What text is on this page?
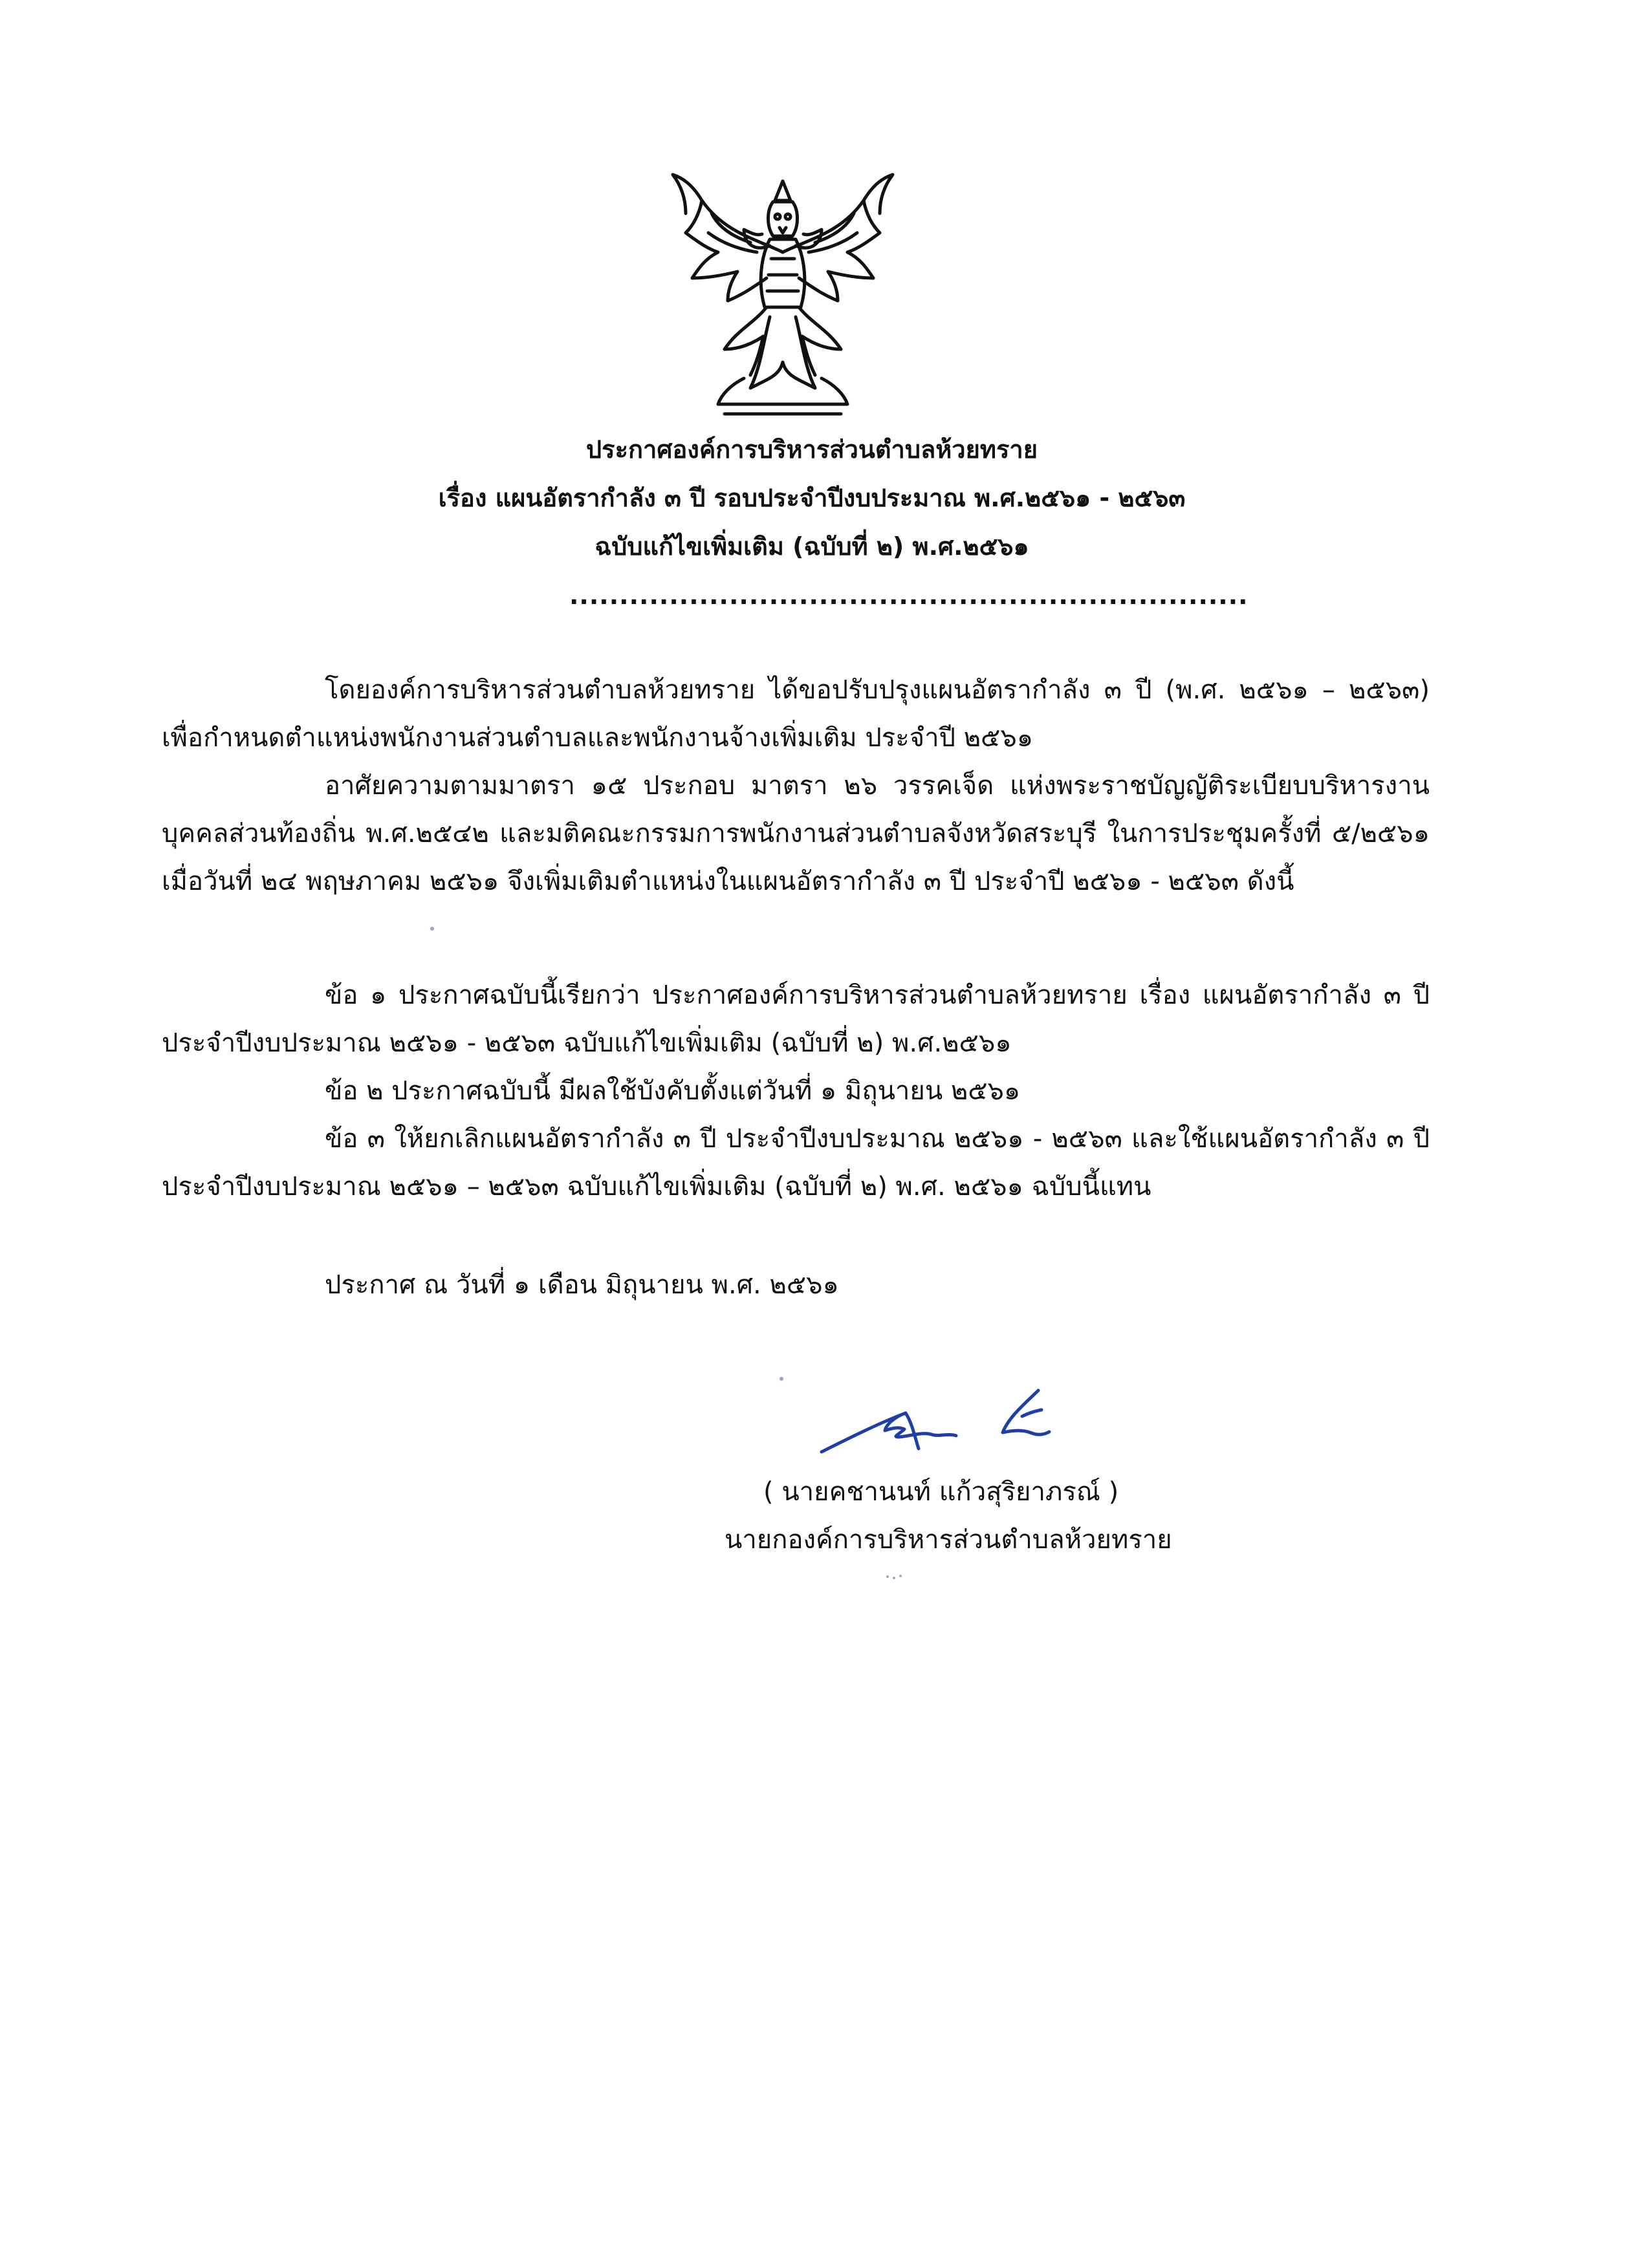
ประกาศองค์การบริหารส่วนตำบลห้วยทราย
เรื่อง แผนอัตรากำลัง ๓ ปี รอบประจำปีงบประมาณ พ.ศ.๒๕๖๑ - ๒๕๖๓
ฉบับแก้ไขเพิ่มเติม (ฉบับที่ ๒) พ.ศ.๒๕๖๑
....................................................................
โดยองค์การบริหารส่วนตำบลห้วยทราย ได้ขอปรับปรุงแผนอัตรากำลัง ๓ ปี (พ.ศ. ๒๕๖๑ – ๒๕๖๓) เพื่อกำหนดตำแหน่งพนักงานส่วนตำบลและพนักงานจ้างเพิ่มเติม ประจำปี ๒๕๖๑
อาศัยความตามมาตรา ๑๕ ประกอบ มาตรา ๒๖ วรรคเจ็ด แห่งพระราชบัญญัติระเบียบบริหารงานบุคคลส่วนท้องถิ่น พ.ศ.๒๕๔๒ และมติคณะกรรมการพนักงานส่วนตำบลจังหวัดสระบุรี ในการประชุมครั้งที่ ๕/๒๕๖๑ เมื่อวันที่ ๒๔ พฤษภาคม ๒๕๖๑ จึงเพิ่มเติมตำแหน่งในแผนอัตรากำลัง ๓ ปี ประจำปี ๒๕๖๑ - ๒๕๖๓ ดังนี้
ข้อ ๑ ประกาศฉบับนี้เรียกว่า ประกาศองค์การบริหารส่วนตำบลห้วยทราย เรื่อง แผนอัตรากำลัง ๓ ปี ประจำปีงบประมาณ ๒๕๖๑ - ๒๕๖๓ ฉบับแก้ไขเพิ่มเติม (ฉบับที่ ๒) พ.ศ.๒๕๖๑
ข้อ ๒ ประกาศฉบับนี้ มีผลใช้บังคับตั้งแต่วันที่ ๑ มิถุนายน ๒๕๖๑
ข้อ ๓ ให้ยกเลิกแผนอัตรากำลัง ๓ ปี ประจำปีงบประมาณ ๒๕๖๑ - ๒๕๖๓ และใช้แผนอัตรากำลัง ๓ ปี ประจำปีงบประมาณ ๒๕๖๑ – ๒๕๖๓ ฉบับแก้ไขเพิ่มเติม (ฉบับที่ ๒) พ.ศ. ๒๕๖๑ ฉบับนี้แทน
ประกาศ ณ วันที่ ๑ เดือน มิถุนายน พ.ศ. ๒๕๖๑
( นายคชานนท์ แก้วสุริยาภรณ์ )
นายกองค์การบริหารส่วนตำบลห้วยทราย
